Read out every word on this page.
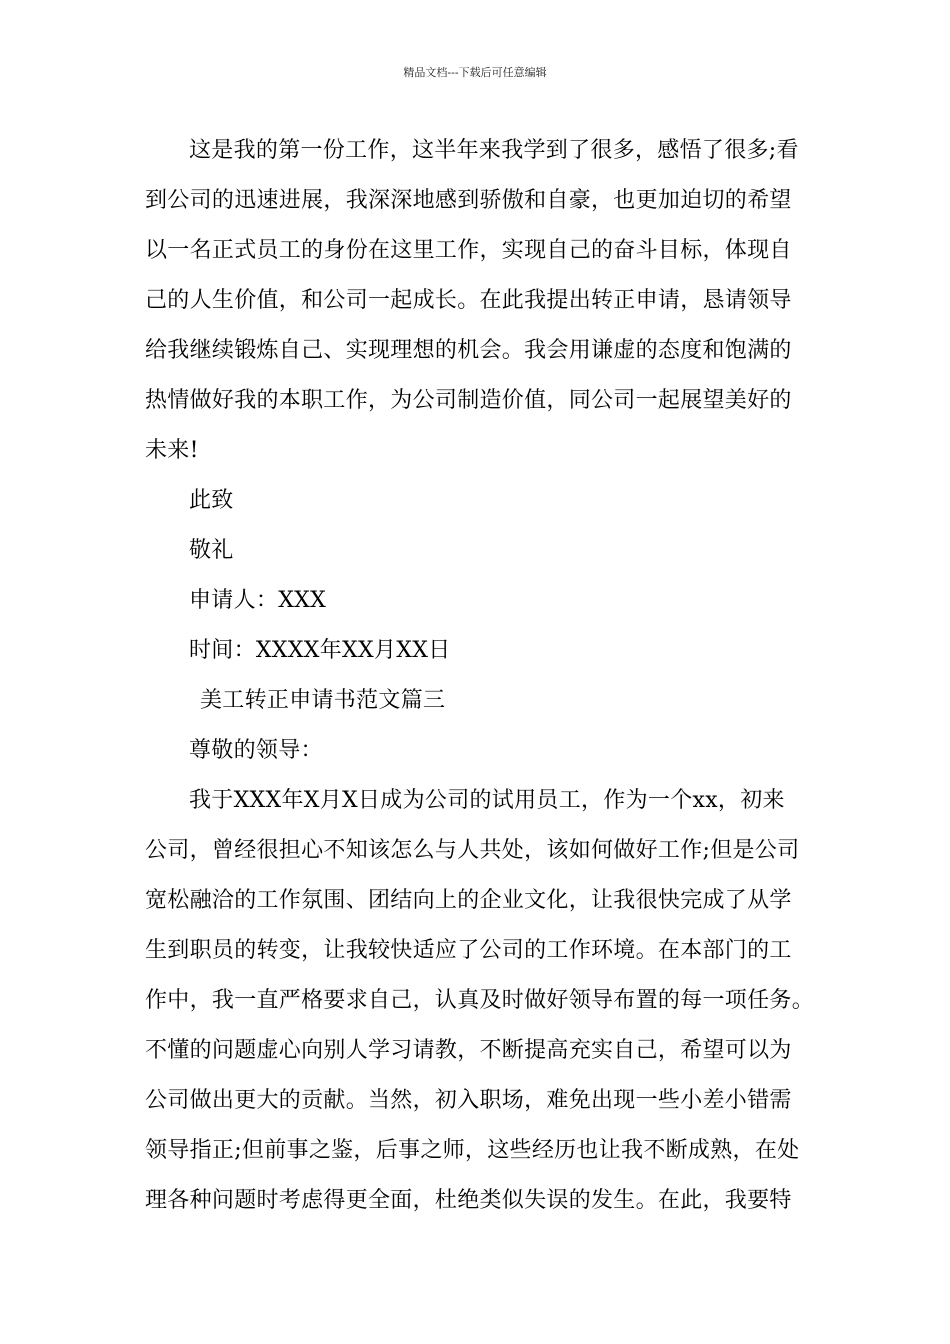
精品文档---下载后可任意编辑
这是我的第一份工作，这半年来我学到了很多，感悟了很多;看
到公司的迅速进展，我深深地感到骄傲和自豪，也更加迫切的希望
以一名正式员工的身份在这里工作，实现自己的奋斗目标，体现自
己的人生价值，和公司一起成长。在此我提出转正申请，恳请领导
给我继续锻炼自己、实现理想的机会。我会用谦虚的态度和饱满的
热情做好我的本职工作，为公司制造价值，同公司一起展望美好的
未来!

此致

敬礼

申请人：XXX

时间：XXXX年XX月XX日

美工转正申请书范文篇三

尊敬的领导：

我于XXX年X月X日成为公司的试用员工，作为一个xx，初来
公司，曾经很担心不知该怎么与人共处，该如何做好工作;但是公司
宽松融洽的工作氛围、团结向上的企业文化，让我很快完成了从学
生到职员的转变，让我较快适应了公司的工作环境。在本部门的工
作中，我一直严格要求自己，认真及时做好领导布置的每一项任务。
不懂的问题虚心向别人学习请教，不断提高充实自己，希望可以为
公司做出更大的贡献。当然，初入职场，难免出现一些小差小错需
领导指正;但前事之鉴，后事之师，这些经历也让我不断成熟，在处
理各种问题时考虑得更全面，杜绝类似失误的发生。在此，我要特
